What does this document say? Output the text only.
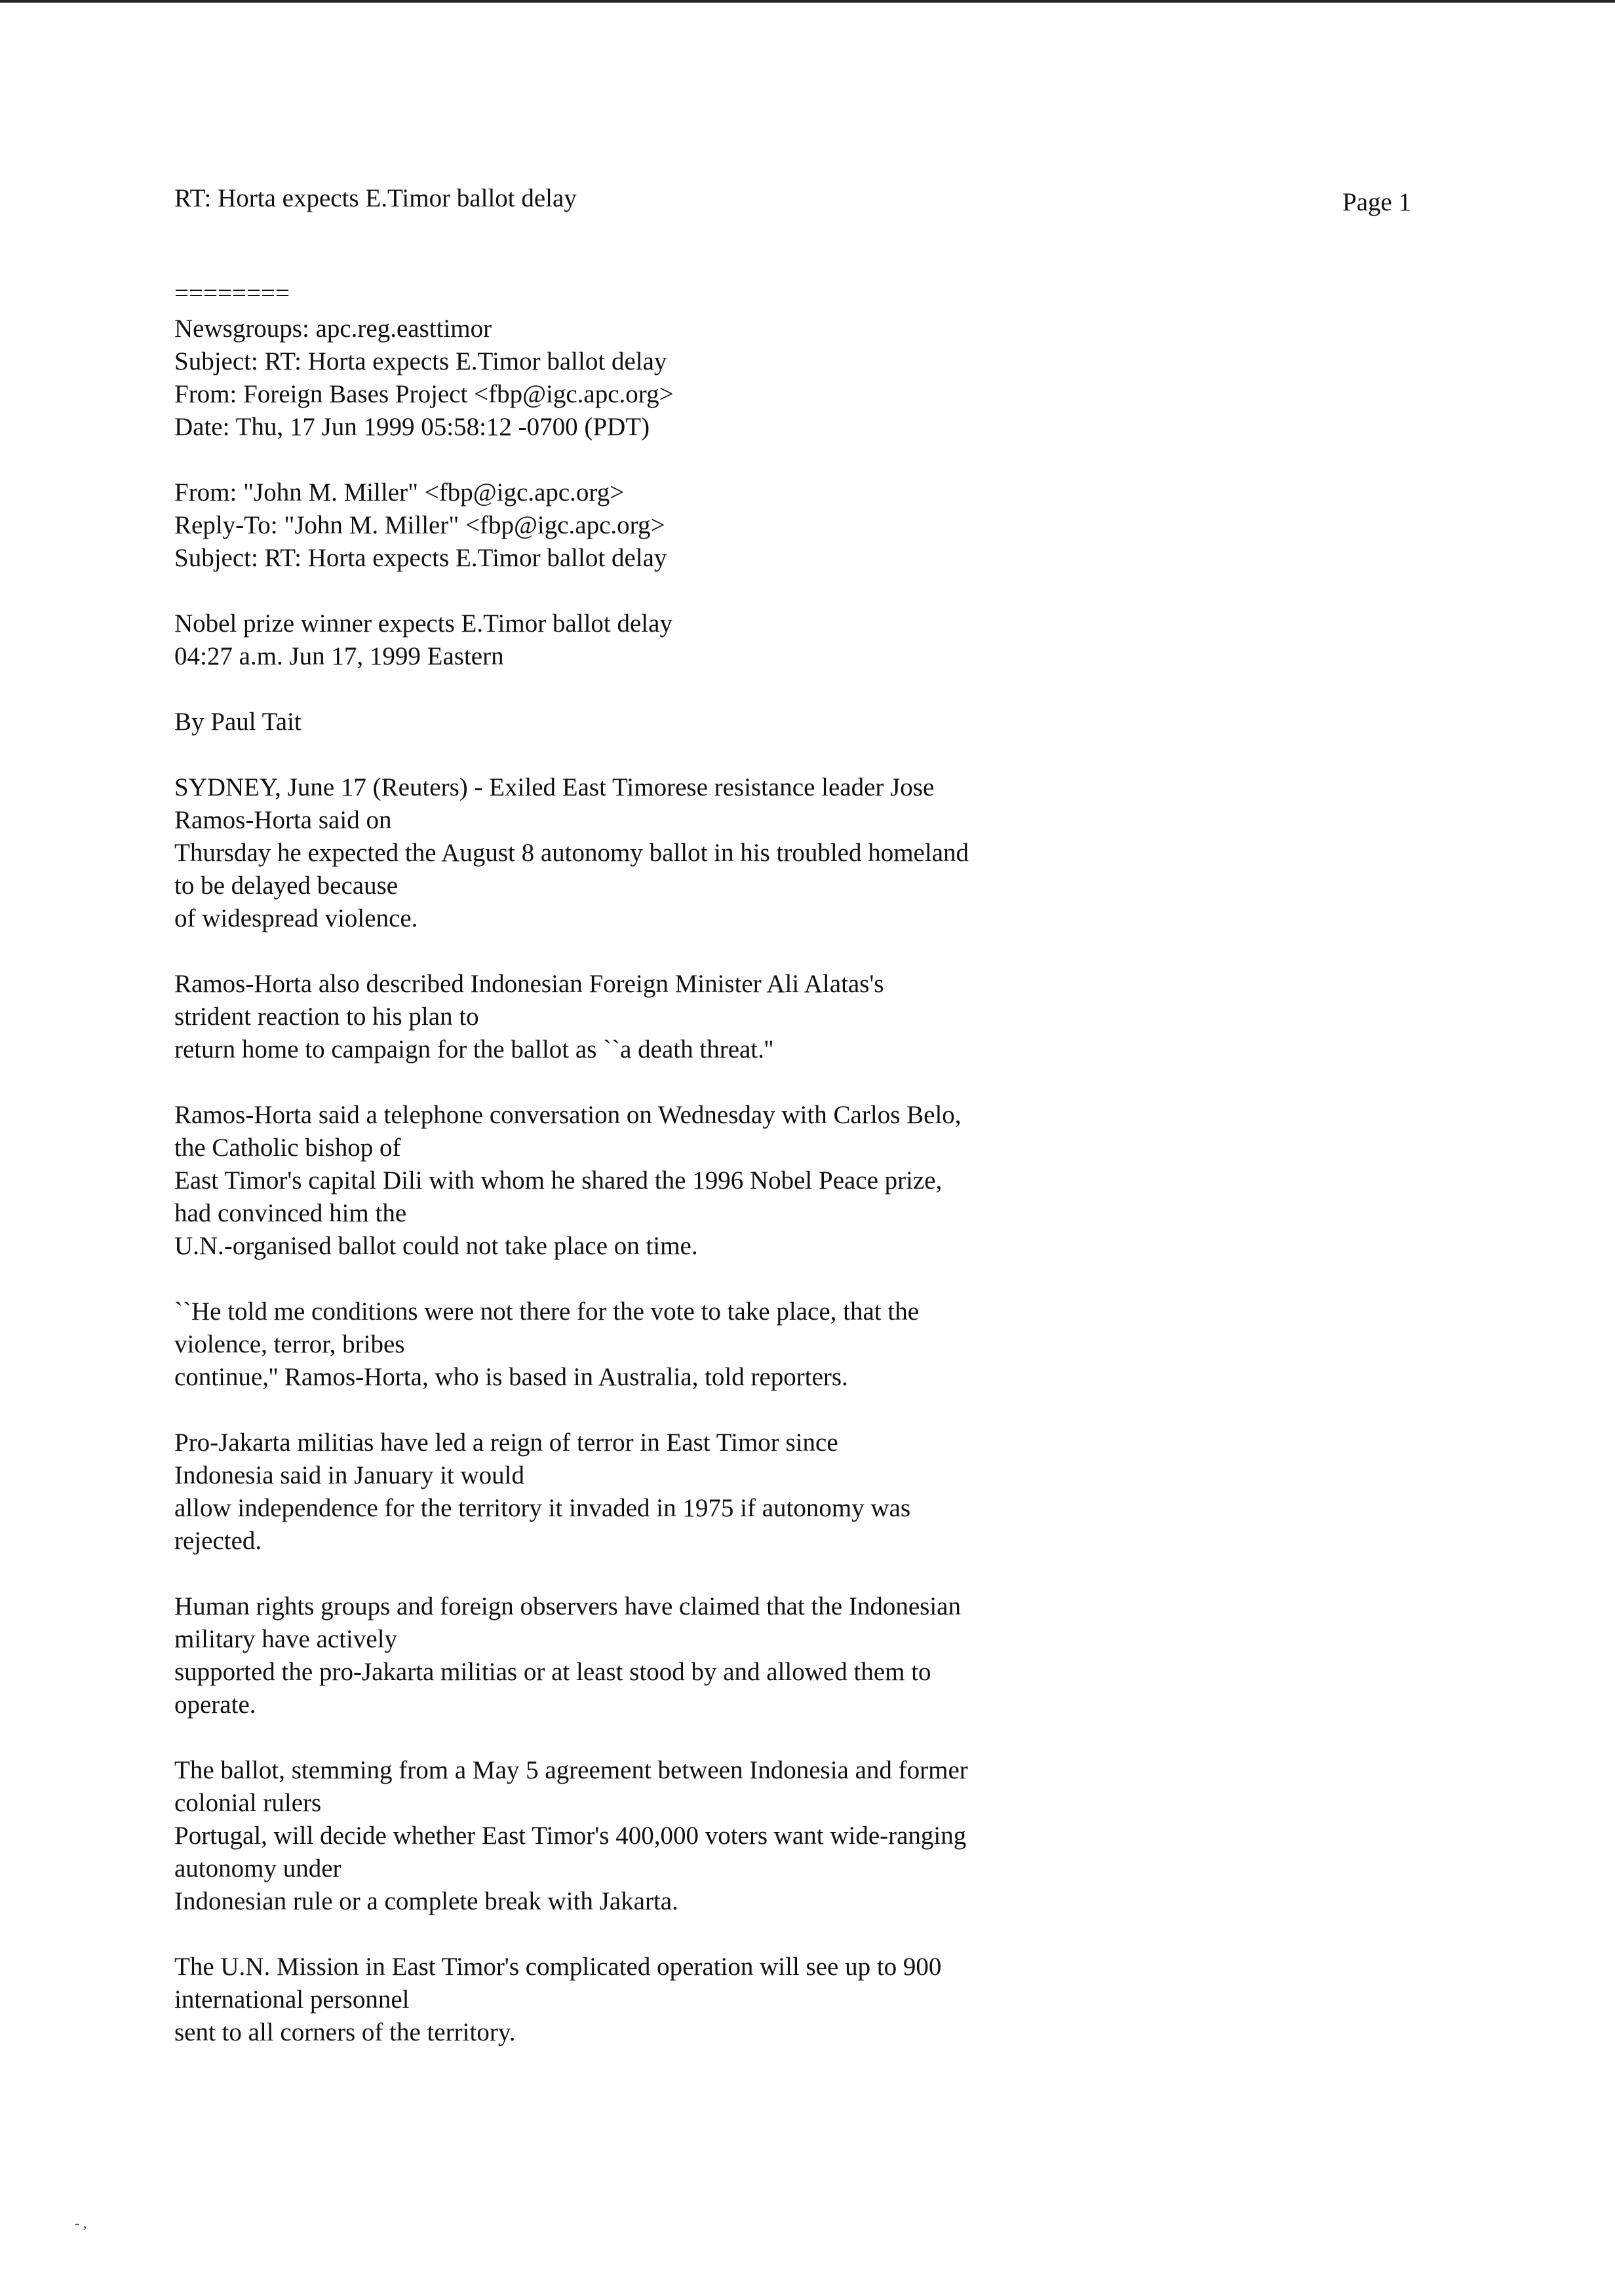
RT: Horta expects E.Timor ballot delay	Page 1
========
Newsgroups: apc.reg.easttimor
Subject: RT: Horta expects E.Timor ballot delay
From: Foreign Bases Project <fbp@igc.apc.org>
Date: Thu, 17 Jun 1999 05:58:12 -0700 (PDT)
From: "John M. Miller" <fbp@igc.apc.org>
Reply-To: "John M. Miller" <fbp@igc.apc.org>
Subject: RT: Horta expects E.Timor ballot delay
Nobel prize winner expects E.Timor ballot delay
04:27 a.m. Jun 17, 1999 Eastern
By Paul Tait
SYDNEY, June 17 (Reuters) - Exiled East Timorese resistance leader Jose
Ramos-Horta said on
Thursday he expected the August 8 autonomy ballot in his troubled homeland
to be delayed because
of widespread violence.
Ramos-Horta also described Indonesian Foreign Minister Ali Alatas's
strident reaction to his plan to
return home to campaign for the ballot as ``a death threat.''
Ramos-Horta said a telephone conversation on Wednesday with Carlos Belo,
the Catholic bishop of
East Timor's capital Dili with whom he shared the 1996 Nobel Peace prize,
had convinced him the
U.N.-organised ballot could not take place on time.
``He told me conditions were not there for the vote to take place, that the
violence, terror, bribes
continue,'' Ramos-Horta, who is based in Australia, told reporters.
Pro-Jakarta militias have led a reign of terror in East Timor since
Indonesia said in January it would
allow independence for the territory it invaded in 1975 if autonomy was
rejected.
Human rights groups and foreign observers have claimed that the Indonesian
military have actively
supported the pro-Jakarta militias or at least stood by and allowed them to
operate.
The ballot, stemming from a May 5 agreement between Indonesia and former
colonial rulers
Portugal, will decide whether East Timor's 400,000 voters want wide-ranging
autonomy under
Indonesian rule or a complete break with Jakarta.
The U.N. Mission in East Timor's complicated operation will see up to 900
international personnel
sent to all corners of the territory.
- ,
